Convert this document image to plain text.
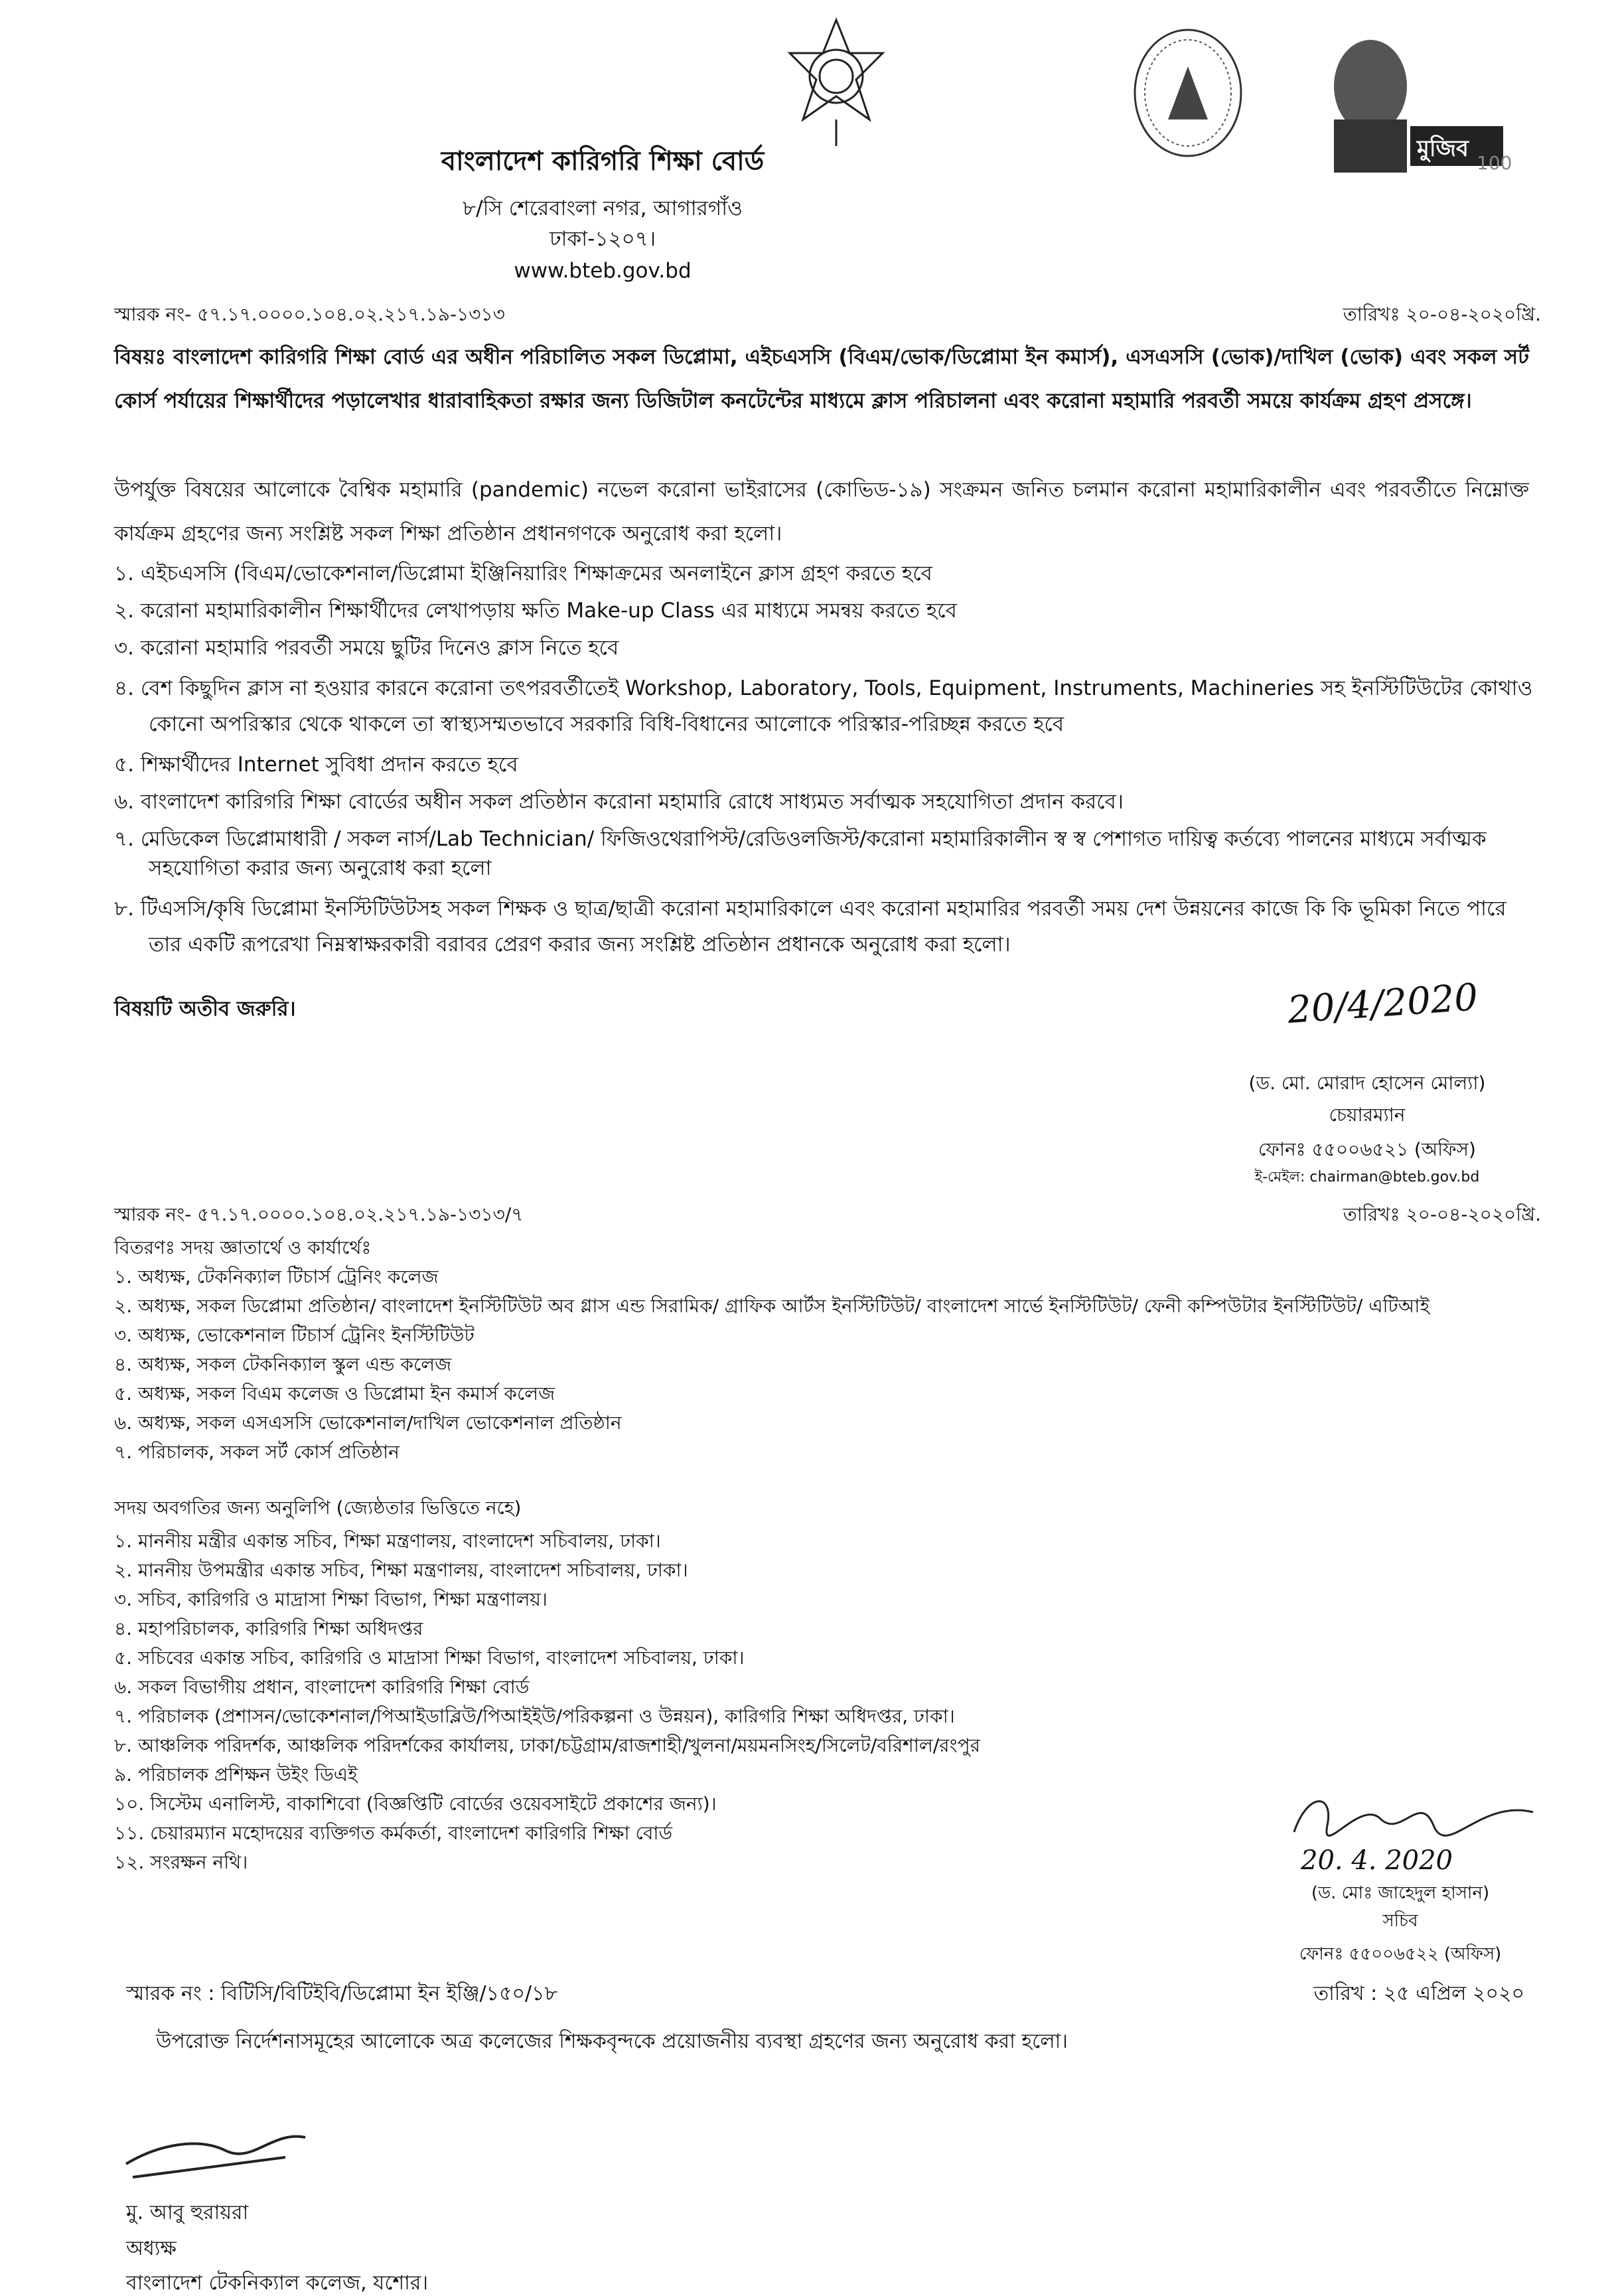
মুজিব
100
বাংলাদেশ কারিগরি শিক্ষা বোর্ড
৮/সি শেরেবাংলা নগর, আগারগাঁও
ঢাকা-১২০৭।
www.bteb.gov.bd
স্মারক নং- ৫৭.১৭.০০০০.১০৪.০২.২১৭.১৯-১৩১৩	তারিখঃ ২০-০৪-২০২০খ্রি.
বিষয়ঃ বাংলাদেশ কারিগরি শিক্ষা বোর্ড এর অধীন পরিচালিত সকল ডিপ্লোমা, এইচএসসি (বিএম/ভোক/ডিপ্লোমা ইন কমার্স), এসএসসি (ভোক)/দাখিল (ভোক) এবং সকল সর্ট কোর্স পর্যায়ের শিক্ষার্থীদের পড়ালেখার ধারাবাহিকতা রক্ষার জন্য ডিজিটাল কনটেন্টের মাধ্যমে ক্লাস পরিচালনা এবং করোনা মহামারি পরবর্তী সময়ে কার্যক্রম গ্রহণ প্রসঙ্গে।
উপর্যুক্ত বিষয়ের আলোকে বৈশ্বিক মহামারি (pandemic) নভেল করোনা ভাইরাসের (কোভিড-১৯) সংক্রমন জনিত চলমান করোনা মহামারিকালীন এবং পরবর্তীতে নিম্নোক্ত কার্যক্রম গ্রহণের জন্য সংশ্লিষ্ট সকল শিক্ষা প্রতিষ্ঠান প্রধানগণকে অনুরোধ করা হলো।
১. এইচএসসি (বিএম/ভোকেশনাল/ডিপ্লোমা ইঞ্জিনিয়ারিং শিক্ষাক্রমের অনলাইনে ক্লাস গ্রহণ করতে হবে
২. করোনা মহামারিকালীন শিক্ষার্থীদের লেখাপড়ায় ক্ষতি Make-up Class এর মাধ্যমে সমন্বয় করতে হবে
৩. করোনা মহামারি পরবর্তী সময়ে ছুটির দিনেও ক্লাস নিতে হবে
৪. বেশ কিছুদিন ক্লাস না হওয়ার কারনে করোনা তৎপরবর্তীতেই Workshop, Laboratory, Tools, Equipment, Instruments, Machineries সহ ইনস্টিটিউটের কোথাও কোনো অপরিস্কার থেকে থাকলে তা স্বাস্থ্যসম্মতভাবে সরকারি বিধি-বিধানের আলোকে পরিস্কার-পরিচ্ছন্ন করতে হবে
৫. শিক্ষার্থীদের Internet সুবিধা প্রদান করতে হবে
৬. বাংলাদেশ কারিগরি শিক্ষা বোর্ডের অধীন সকল প্রতিষ্ঠান করোনা মহামারি রোধে সাধ্যমত সর্বাত্মক সহযোগিতা প্রদান করবে।
৭. মেডিকেল ডিপ্লোমাধারী / সকল নার্স/Lab Technician/ ফিজিওথেরাপিস্ট/রেডিওলজিস্ট/করোনা মহামারিকালীন স্ব স্ব পেশাগত দায়িত্ব কর্তব্যে পালনের মাধ্যমে সর্বাত্মক সহযোগিতা করার জন্য অনুরোধ করা হলো
৮. টিএসসি/কৃষি ডিপ্লোমা ইনস্টিটিউটসহ সকল শিক্ষক ও ছাত্র/ছাত্রী করোনা মহামারিকালে এবং করোনা মহামারির পরবর্তী সময় দেশ উন্নয়নের কাজে কি কি ভূমিকা নিতে পারে তার একটি রূপরেখা নিম্নস্বাক্ষরকারী বরাবর প্রেরণ করার জন্য সংশ্লিষ্ট প্রতিষ্ঠান প্রধানকে অনুরোধ করা হলো।
বিষয়টি অতীব জরুরি।	20/4/2020
(ড. মো. মোরাদ হোসেন মোল্যা)
চেয়ারম্যান
ফোনঃ ৫৫০০৬৫২১ (অফিস)
ই-মেইল: chairman@bteb.gov.bd
স্মারক নং- ৫৭.১৭.০০০০.১০৪.০২.২১৭.১৯-১৩১৩/৭	তারিখঃ ২০-০৪-২০২০খ্রি.
বিতরণঃ সদয় জ্ঞাতার্থে ও কার্যার্থেঃ
১. অধ্যক্ষ, টেকনিক্যাল টিচার্স ট্রেনিং কলেজ
২. অধ্যক্ষ, সকল ডিপ্লোমা প্রতিষ্ঠান/ বাংলাদেশ ইনস্টিটিউট অব গ্লাস এন্ড সিরামিক/ গ্রাফিক আর্টস ইনস্টিটিউট/ বাংলাদেশ সার্ভে ইনস্টিটিউট/ ফেনী কম্পিউটার ইনস্টিটিউট/ এটিআই
৩. অধ্যক্ষ, ভোকেশনাল টিচার্স ট্রেনিং ইনস্টিটিউট
৪. অধ্যক্ষ, সকল টেকনিক্যাল স্কুল এন্ড কলেজ
৫. অধ্যক্ষ, সকল বিএম কলেজ ও ডিপ্লোমা ইন কমার্স কলেজ
৬. অধ্যক্ষ, সকল এসএসসি ভোকেশনাল/দাখিল ভোকেশনাল প্রতিষ্ঠান
৭. পরিচালক, সকল সর্ট কোর্স প্রতিষ্ঠান
সদয় অবগতির জন্য অনুলিপি (জ্যেষ্ঠতার ভিত্তিতে নহে)
১. মাননীয় মন্ত্রীর একান্ত সচিব, শিক্ষা মন্ত্রণালয়, বাংলাদেশ সচিবালয়, ঢাকা।
২. মাননীয় উপমন্ত্রীর একান্ত সচিব, শিক্ষা মন্ত্রণালয়, বাংলাদেশ সচিবালয়, ঢাকা।
৩. সচিব, কারিগরি ও মাদ্রাসা শিক্ষা বিভাগ, শিক্ষা মন্ত্রণালয়।
৪. মহাপরিচালক, কারিগরি শিক্ষা অধিদপ্তর
৫. সচিবের একান্ত সচিব, কারিগরি ও মাদ্রাসা শিক্ষা বিভাগ, বাংলাদেশ সচিবালয়, ঢাকা।
৬. সকল বিভাগীয় প্রধান, বাংলাদেশ কারিগরি শিক্ষা বোর্ড
৭. পরিচালক (প্রশাসন/ভোকেশনাল/পিআইডাব্লিউ/পিআইইউ/পরিকল্পনা ও উন্নয়ন), কারিগরি শিক্ষা অধিদপ্তর, ঢাকা।
৮. আঞ্চলিক পরিদর্শক, আঞ্চলিক পরিদর্শকের কার্যালয়, ঢাকা/চট্টগ্রাম/রাজশাহী/খুলনা/ময়মনসিংহ/সিলেট/বরিশাল/রংপুর
৯. পরিচালক প্রশিক্ষন উইং ডিএই
১০. সিস্টেম এনালিস্ট, বাকাশিবো (বিজ্ঞপ্তিটি বোর্ডের ওয়েবসাইটে প্রকাশের জন্য)।
১১. চেয়ারম্যান মহোদয়ের ব্যক্তিগত কর্মকর্তা, বাংলাদেশ কারিগরি শিক্ষা বোর্ড
১২. সংরক্ষন নথি।	20. 4. 2020
(ড. মোঃ জাহেদুল হাসান)
সচিব
ফোনঃ ৫৫০০৬৫২২ (অফিস)
স্মারক নং : বিটিসি/বিটিইবি/ডিপ্লোমা ইন ইঞ্জি/১৫০/১৮	তারিখ : ২৫ এপ্রিল ২০২০
উপরোক্ত নির্দেশনাসমূহের আলোকে অত্র কলেজের শিক্ষকবৃন্দকে প্রয়োজনীয় ব্যবস্থা গ্রহণের জন্য অনুরোধ করা হলো।
মু. আবু হুরায়রা
অধ্যক্ষ
বাংলাদেশ টেকনিক্যাল কলেজ, যশোর।
